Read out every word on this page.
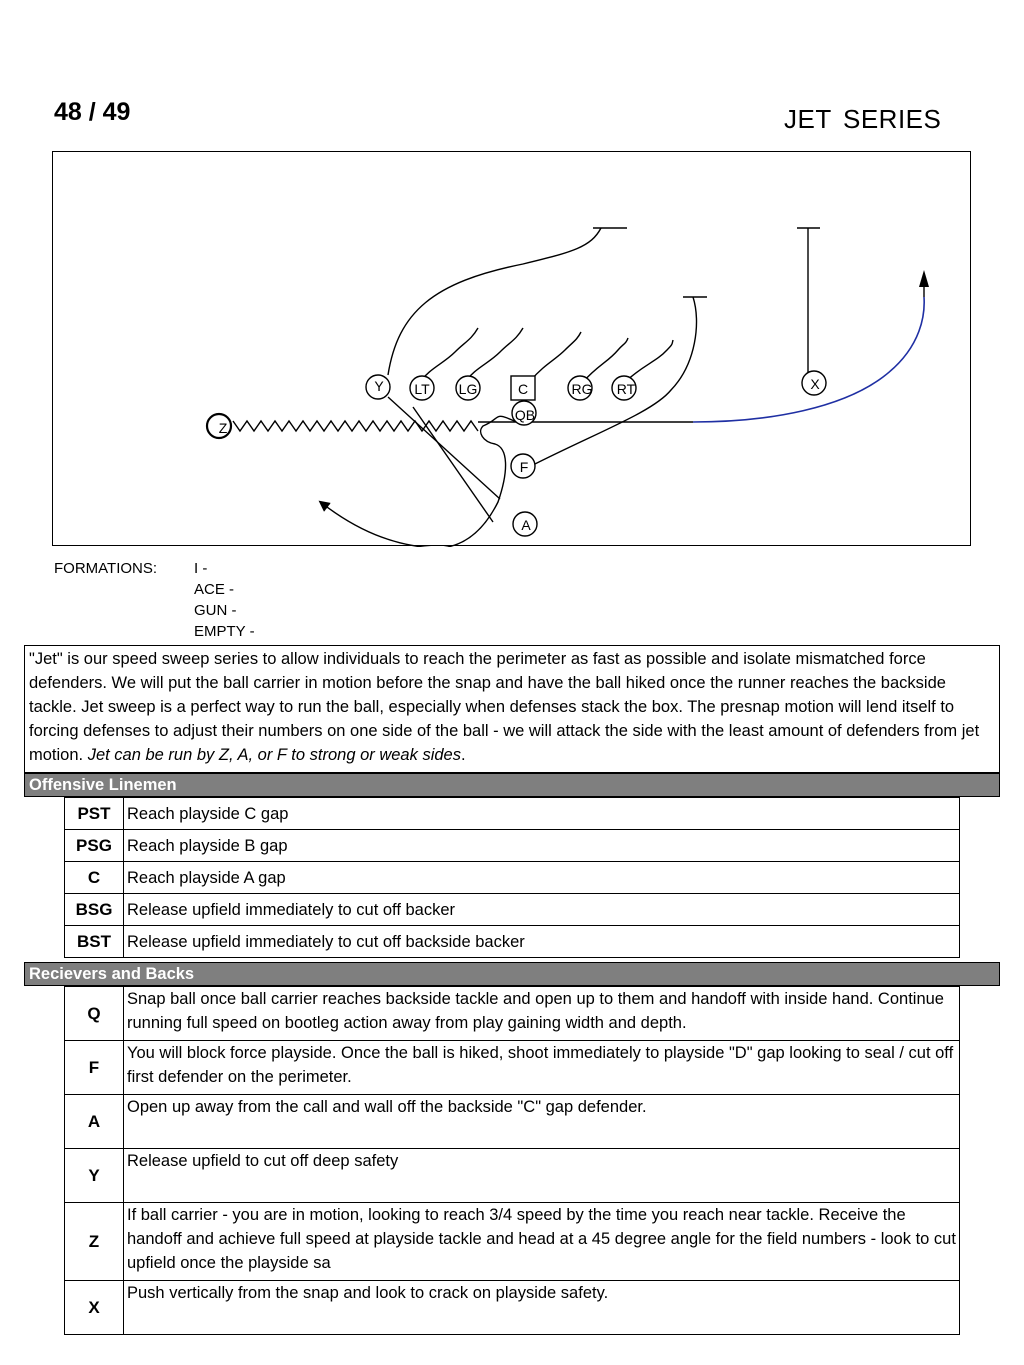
48 / 49	JET SERIES
Y LT LG	C	RG RT	X
Z
QB
F
A
FORMATIONS: I -
ACE -
GUN -
EMPTY -
"Jet" is our speed sweep series to allow individuals to reach the perimeter as fast as possible and isolate mismatched force defenders. We will put the ball carrier in motion before the snap and have the ball hiked once the runner reaches the backside tackle. Jet sweep is a perfect way to run the ball, especially when defenses stack the box. The presnap motion will lend itself to forcing defenses to adjust their numbers on one side of the ball - we will attack the side with the least amount of defenders from jet motion. Jet can be run by Z, A, or F to strong or weak sides.
Offensive Linemen
PST	Reach playside C gap
PSG	Reach playside B gap
C	Reach playside A gap
BSG	Release upfield immediately to cut off backer
BST	Release upfield immediately to cut off backside backer
Recievers and Backs
Q	Snap ball once ball carrier reaches backside tackle and open up to them and handoff with inside hand. Continue running full speed on bootleg action away from play gaining width and depth.
F	You will block force playside. Once the ball is hiked, shoot immediately to playside "D" gap looking to seal / cut off first defender on the perimeter.
A	Open up away from the call and wall off the backside "C" gap defender.
Y	Release upfield to cut off deep safety
Z	If ball carrier - you are in motion, looking to reach 3/4 speed by the time you reach near tackle. Receive the handoff and achieve full speed at playside tackle and head at a 45 degree angle for the field numbers - look to cut upfield once the playside sa
X	Push vertically from the snap and look to crack on playside safety.
